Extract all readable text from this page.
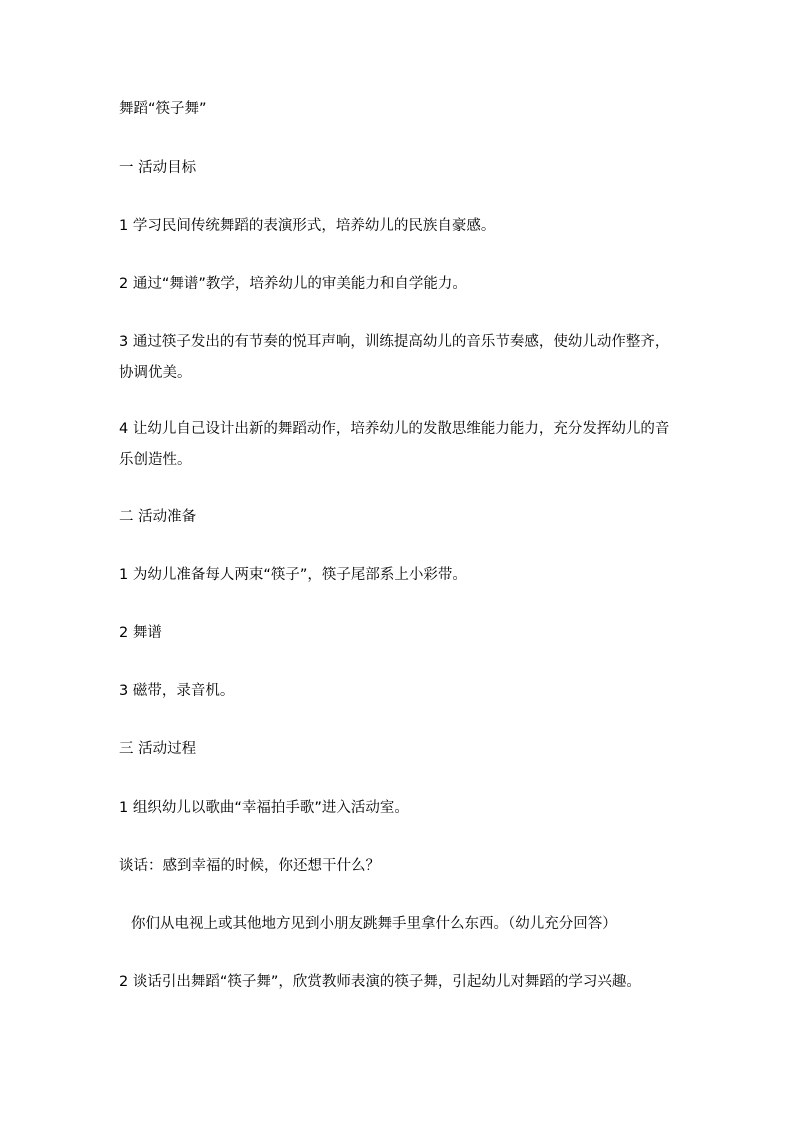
舞蹈“筷子舞”
一 活动目标
1 学习民间传统舞蹈的表演形式，培养幼儿的民族自豪感。
2 通过“舞谱”教学，培养幼儿的审美能力和自学能力。
3 通过筷子发出的有节奏的悦耳声响，训练提高幼儿的音乐节奏感，使幼儿动作整齐，协调优美。
4 让幼儿自己设计出新的舞蹈动作，培养幼儿的发散思维能力能力，充分发挥幼儿的音乐创造性。
二 活动准备
1 为幼儿准备每人两束“筷子”，筷子尾部系上小彩带。
2 舞谱
3 磁带，录音机。
三 活动过程
1 组织幼儿以歌曲“幸福拍手歌”进入活动室。
谈话：感到幸福的时候，你还想干什么？
你们从电视上或其他地方见到小朋友跳舞手里拿什么东西。（幼儿充分回答）
2 谈话引出舞蹈“筷子舞”，欣赏教师表演的筷子舞，引起幼儿对舞蹈的学习兴趣。
